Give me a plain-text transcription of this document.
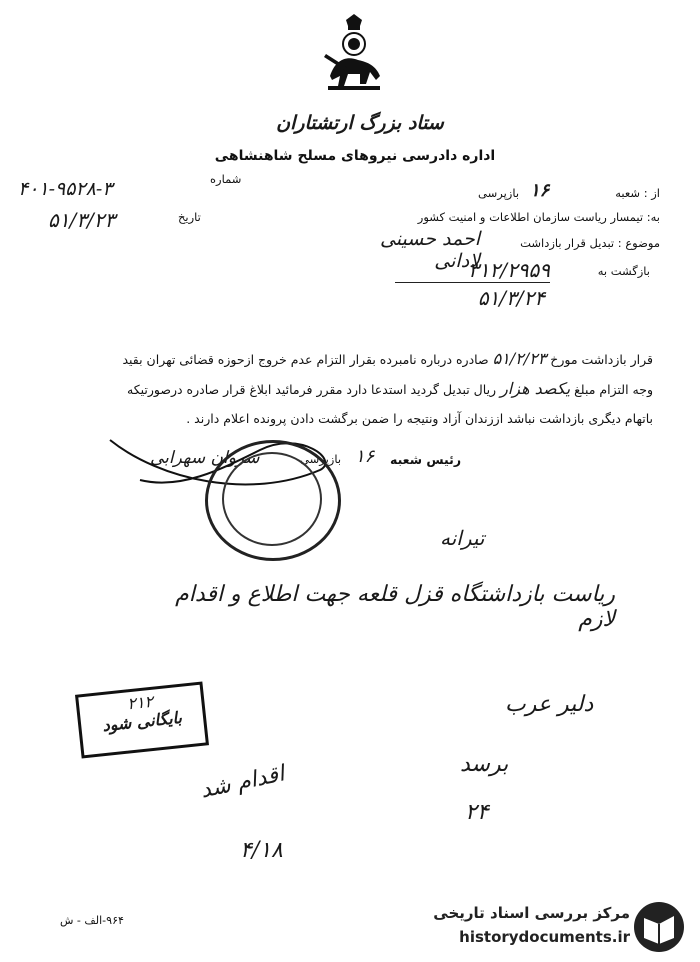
ستاد بزرگ ارتشتاران
اداره دادرسی نیروهای مسلح شاهنشاهی
شماره
۴۰۱-۹۵۲۸-۳
تاریخ
۵۱/۳/۲۳
از : شعبه
۱۶
بازپرسی
به: تیمسار ریاست سازمان اطلاعات و امنیت کشور
موضوع : تبدیل قرار بازداشت
احمد حسینی لادانی	بازگشت به
۳۱۲/۲۹۵۹
۵۱/۳/۲۴
قرار بازداشت مورخ ۵۱/۲/۲۳ صادره درباره نامبرده بقرار التزام عدم خروج ازحوزه قضائی تهران بقید
وجه التزام مبلغ یکصد هزار ریال تبدیل گردید استدعا دارد مقرر فرمائید ابلاغ قرار صادره درصورتیکه
باتهام دیگری بازداشت نباشد اززندان آزاد ونتیجه را ضمن برگشت دادن پرونده اعلام دارند .
رئیس شعبه
۱۶
بازپرسی
سروان سهرابی
تیرانه
ریاست بازداشتگاه قزل قلعه جهت اطلاع و اقدام لازم
۲۱۲
بایگانی شود
اقدام شد
۴/۱۸
دلیر عرب
برسد
۲۴
۹۶۴-الف - ش	مرکز بررسی اسناد تاریخی
historydocuments.ir
